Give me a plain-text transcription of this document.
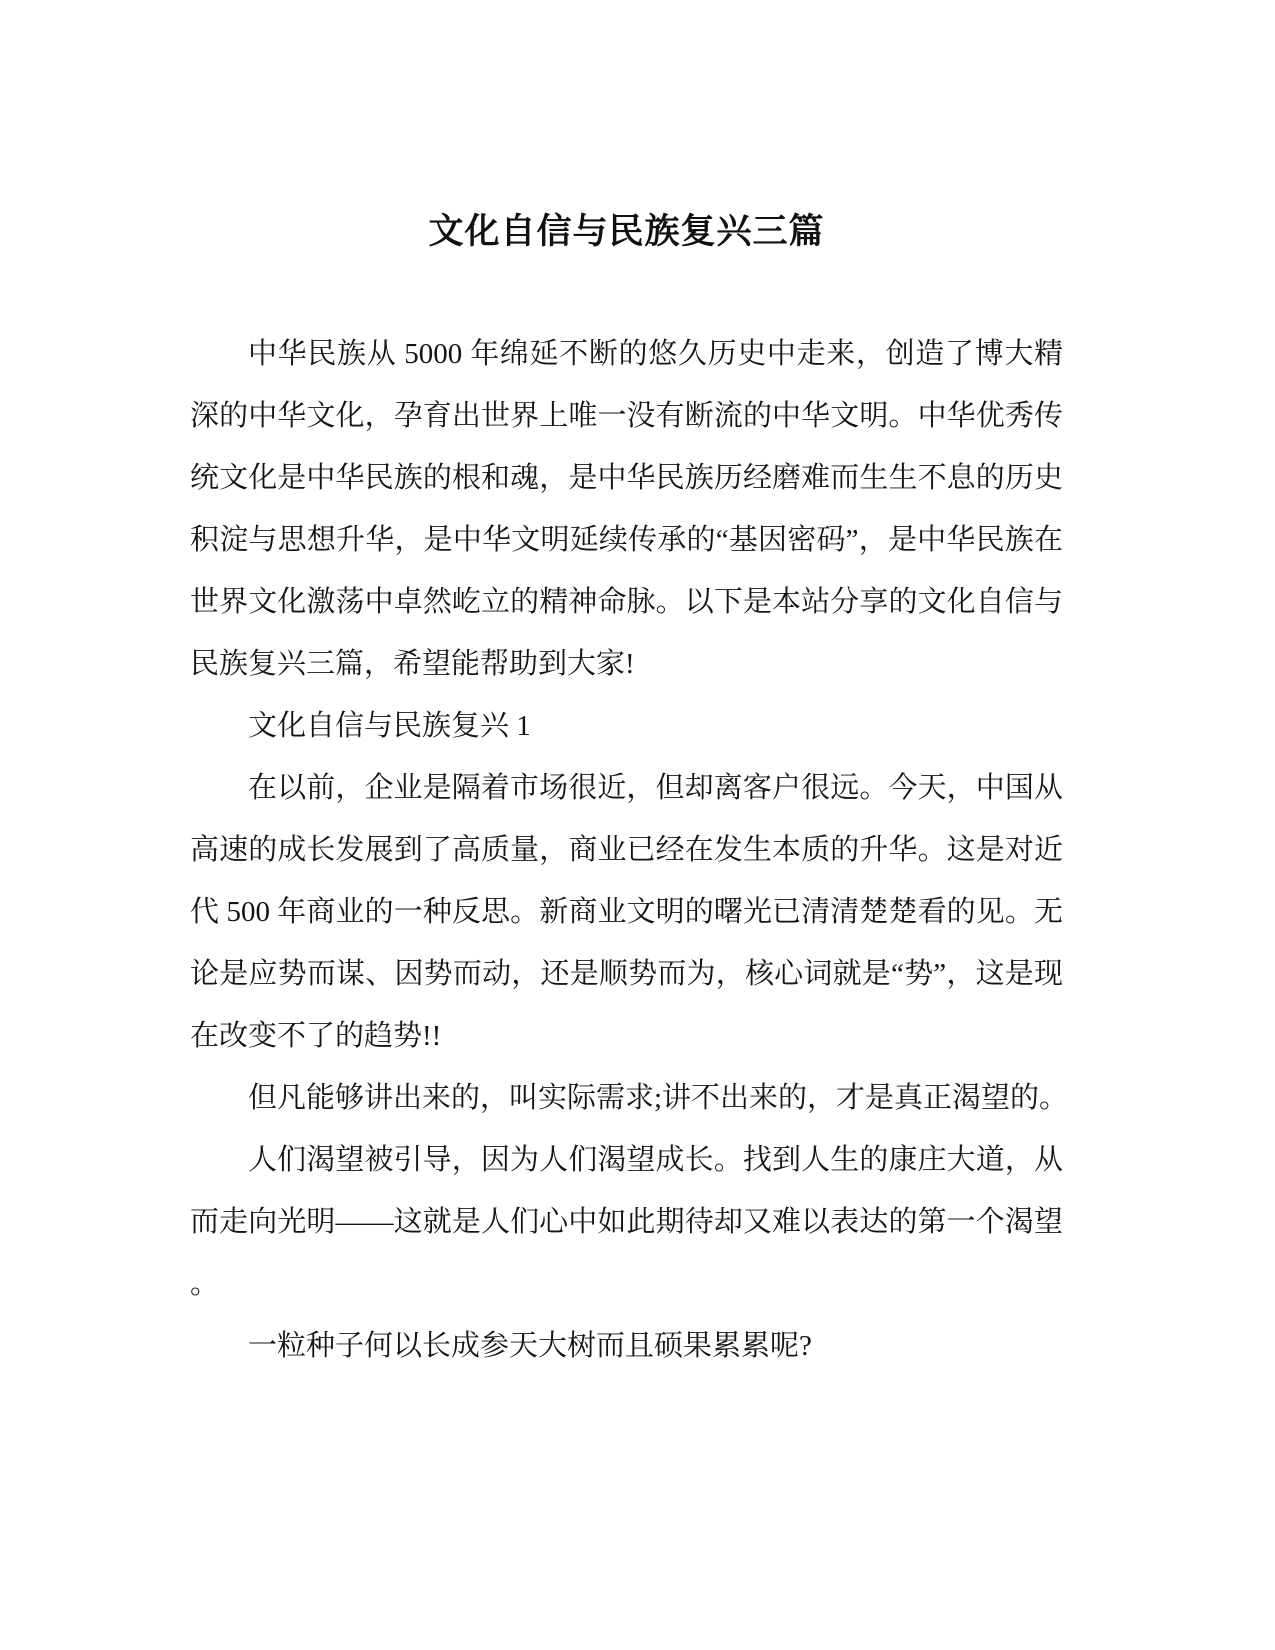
文化自信与民族复兴三篇
中华民族从 5000 年绵延不断的悠久历史中走来，创造了博大精
深的中华文化，孕育出世界上唯一没有断流的中华文明。中华优秀传
统文化是中华民族的根和魂，是中华民族历经磨难而生生不息的历史
积淀与思想升华，是中华文明延续传承的“基因密码”，是中华民族在
世界文化激荡中卓然屹立的精神命脉。以下是本站分享的文化自信与
民族复兴三篇，希望能帮助到大家!
文化自信与民族复兴 1
在以前，企业是隔着市场很近，但却离客户很远。今天，中国从
高速的成长发展到了高质量，商业已经在发生本质的升华。这是对近
代 500 年商业的一种反思。新商业文明的曙光已清清楚楚看的见。无
论是应势而谋、因势而动，还是顺势而为，核心词就是“势”，这是现
在改变不了的趋势!!
但凡能够讲出来的，叫实际需求;讲不出来的，才是真正渴望的。
人们渴望被引导，因为人们渴望成长。找到人生的康庄大道，从
而走向光明——这就是人们心中如此期待却又难以表达的第一个渴望
。
一粒种子何以长成参天大树而且硕果累累呢?
